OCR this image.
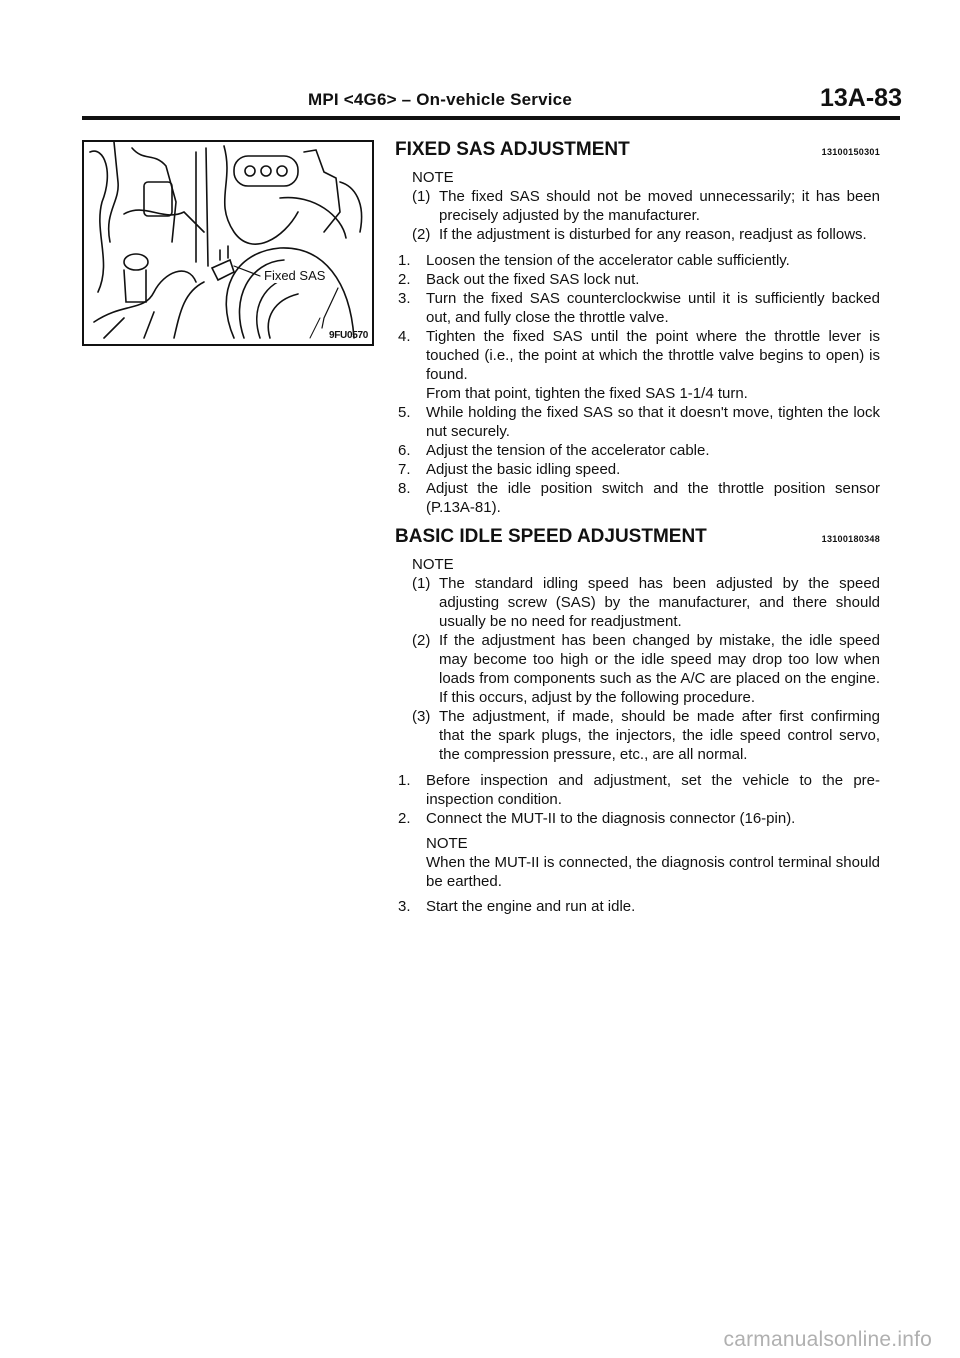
MPI <4G6> – On-vehicle Service	13A-83
Fixed SAS
9FU0570
FIXED SAS ADJUSTMENT	13100150301
NOTE
(1) The fixed SAS should not be moved unnecessarily; it has been precisely adjusted by the manufacturer.
(2) If the adjustment is disturbed for any reason, readjust as follows.
1.	Loosen the tension of the accelerator cable sufficiently.
2.	Back out the fixed SAS lock nut.
3.	Turn the fixed SAS counterclockwise until it is sufficiently backed out, and fully close the throttle valve.
4.	Tighten the fixed SAS until the point where the throttle lever is touched (i.e., the point at which the throttle valve begins to open) is found.
From that point, tighten the fixed SAS 1-1/4 turn.
5.	While holding the fixed SAS so that it doesn't move, tighten the lock nut securely.
6.	Adjust the tension of the accelerator cable.
7.	Adjust the basic idling speed.
8.	Adjust the idle position switch and the throttle position sensor (P.13A-81).
BASIC IDLE SPEED ADJUSTMENT	13100180348
NOTE
(1) The standard idling speed has been adjusted by the speed adjusting screw (SAS) by the manufacturer, and there should usually be no need for readjustment.
(2) If the adjustment has been changed by mistake, the idle speed may become too high or the idle speed may drop too low when loads from components such as the A/C are placed on the engine. If this occurs, adjust by the following procedure.
(3) The adjustment, if made, should be made after first confirming that the spark plugs, the injectors, the idle speed control servo, the compression pressure, etc., are all normal.
1.	Before inspection and adjustment, set the vehicle to the pre-inspection condition.
2.	Connect the MUT-II to the diagnosis connector (16-pin).
NOTE
When the MUT-II is connected, the diagnosis control terminal should be earthed.
3.	Start the engine and run at idle.
carmanualsonline.info
